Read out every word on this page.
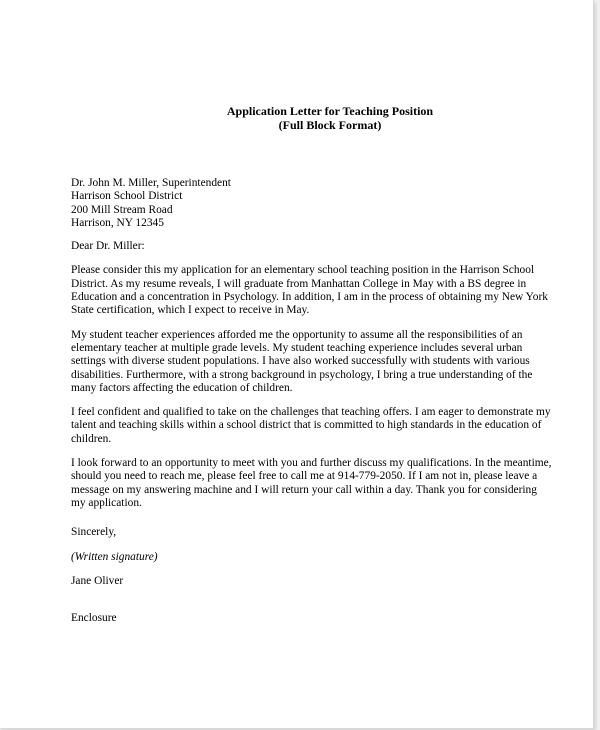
Application Letter for Teaching Position
(Full Block Format)
Dr. John M. Miller, Superintendent
Harrison School District
200 Mill Stream Road
Harrison, NY 12345
Dear Dr. Miller:
Please consider this my application for an elementary school teaching position in the Harrison School
District. As my resume reveals, I will graduate from Manhattan College in May with a BS degree in
Education and a concentration in Psychology. In addition, I am in the process of obtaining my New York
State certification, which I expect to receive in May.
My student teacher experiences afforded me the opportunity to assume all the responsibilities of an
elementary teacher at multiple grade levels. My student teaching experience includes several urban
settings with diverse student populations. I have also worked successfully with students with various
disabilities. Furthermore, with a strong background in psychology, I bring a true understanding of the
many factors affecting the education of children.
I feel confident and qualified to take on the challenges that teaching offers. I am eager to demonstrate my
talent and teaching skills within a school district that is committed to high standards in the education of
children.
I look forward to an opportunity to meet with you and further discuss my qualifications. In the meantime,
should you need to reach me, please feel free to call me at 914-779-2050. If I am not in, please leave a
message on my answering machine and I will return your call within a day. Thank you for considering
my application.
Sincerely,
(Written signature)
Jane Oliver
Enclosure
